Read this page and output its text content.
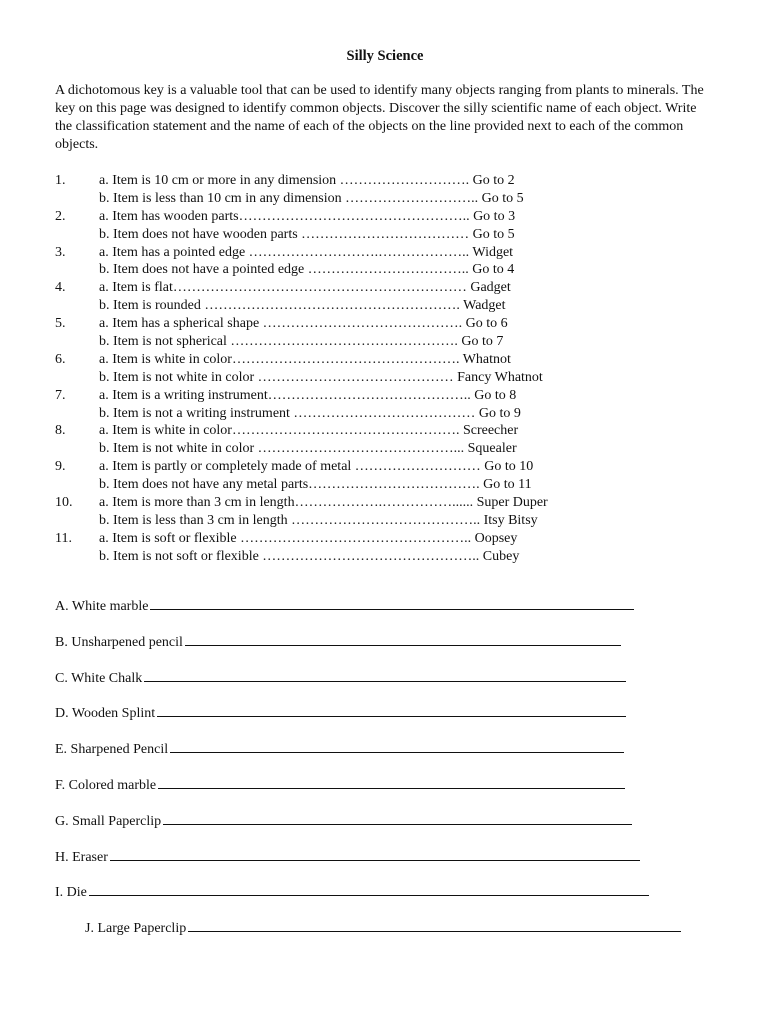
Silly Science
A dichotomous key is a valuable tool that can be used to identify many objects ranging from plants to minerals. The key on this page was designed to identify common objects. Discover the silly scientific name of each object. Write the classification statement and the name of each of the objects on the line provided next to each of the common objects.
1. a. Item is 10 cm or more in any dimension ………………………. Go to 2
b. Item is less than 10 cm in any dimension ……………………….. Go to 5
2. a. Item has wooden parts………………………………………….. Go to 3
b. Item does not have wooden parts ……………………………… Go to 5
3. a. Item has a pointed edge ……………………….……………….. Widget
b. Item does not have a pointed edge …………………………….. Go to 4
4. a. Item is flat……………………………………………………… Gadget
b. Item is rounded ………………………………………………. Wadget
5. a. Item has a spherical shape ……………………………………. Go to 6
b. Item is not spherical …………………………………………. Go to 7
6. a. Item is white in color…………………………………………. Whatnot
b. Item is not white in color …………………………………… Fancy Whatnot
7. a. Item is a writing instrument…………………………………….. Go to 8
b. Item is not a writing instrument ………………………………… Go to 9
8. a. Item is white in color…………………………………………. Screecher
b. Item is not white in color ……………………………………... Squealer
9. a. Item is partly or completely made of metal ……………………… Go to 10
b. Item does not have any metal parts………………………………. Go to 11
10. a. Item is more than 3 cm in length……………….……………...... Super Duper
b. Item is less than 3 cm in length ………………………………….. Itsy Bitsy
11. a. Item is soft or flexible ………………………………………….. Oopsey
b. Item is not soft or flexible ……………………………………….. Cubey
A. White marble
B. Unsharpened pencil
C. White Chalk
D. Wooden Splint
E. Sharpened Pencil
F. Colored marble
G. Small Paperclip
H. Eraser
I. Die
J. Large Paperclip
